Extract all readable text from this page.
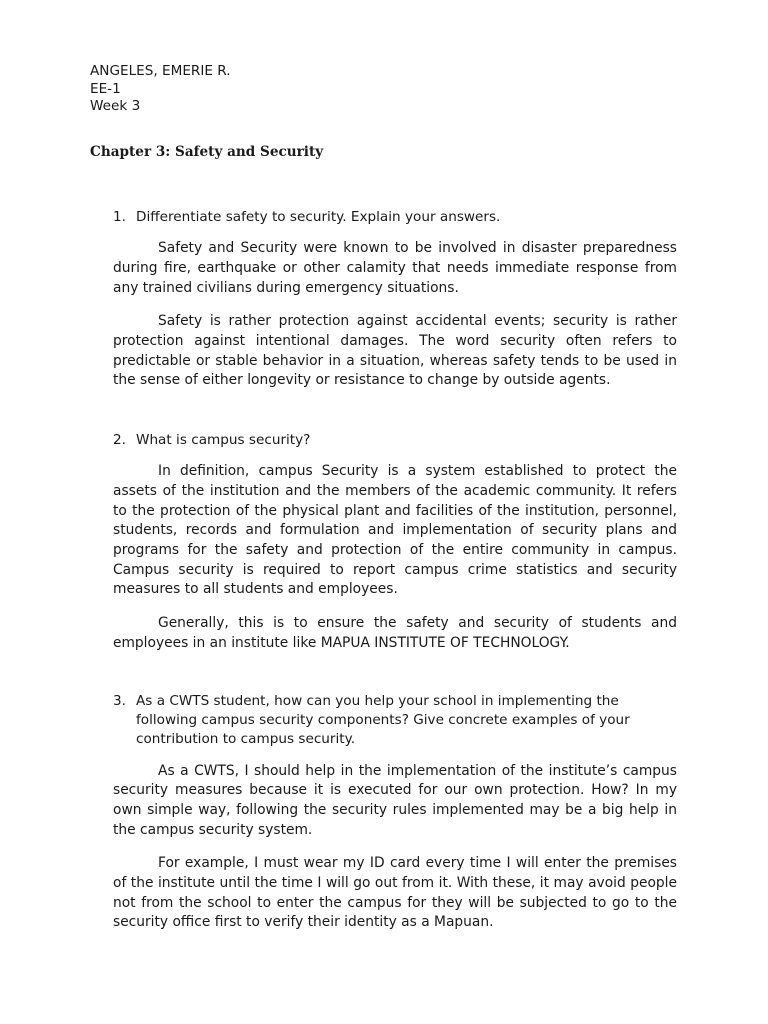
ANGELES, EMERIE R.
EE-1
Week 3
Chapter 3: Safety and Security
1. Differentiate safety to security. Explain your answers.

Safety and Security were known to be involved in disaster preparedness during fire, earthquake or other calamity that needs immediate response from any trained civilians during emergency situations.

Safety is rather protection against accidental events; security is rather protection against intentional damages. The word security often refers to predictable or stable behavior in a situation, whereas safety tends to be used in the sense of either longevity or resistance to change by outside agents.

2. What is campus security?

In definition, campus Security is a system established to protect the assets of the institution and the members of the academic community. It refers to the protection of the physical plant and facilities of the institution, personnel, students, records and formulation and implementation of security plans and programs for the safety and protection of the entire community in campus. Campus security is required to report campus crime statistics and security measures to all students and employees.

Generally, this is to ensure the safety and security of students and employees in an institute like MAPUA INSTITUTE OF TECHNOLOGY.

3. As a CWTS student, how can you help your school in implementing the following campus security components? Give concrete examples of your contribution to campus security.

As a CWTS, I should help in the implementation of the institute’s campus security measures because it is executed for our own protection. How? In my own simple way, following the security rules implemented may be a big help in the campus security system.

For example, I must wear my ID card every time I will enter the premises of the institute until the time I will go out from it. With these, it may avoid people not from the school to enter the campus for they will be subjected to go to the security office first to verify their identity as a Mapuan.
